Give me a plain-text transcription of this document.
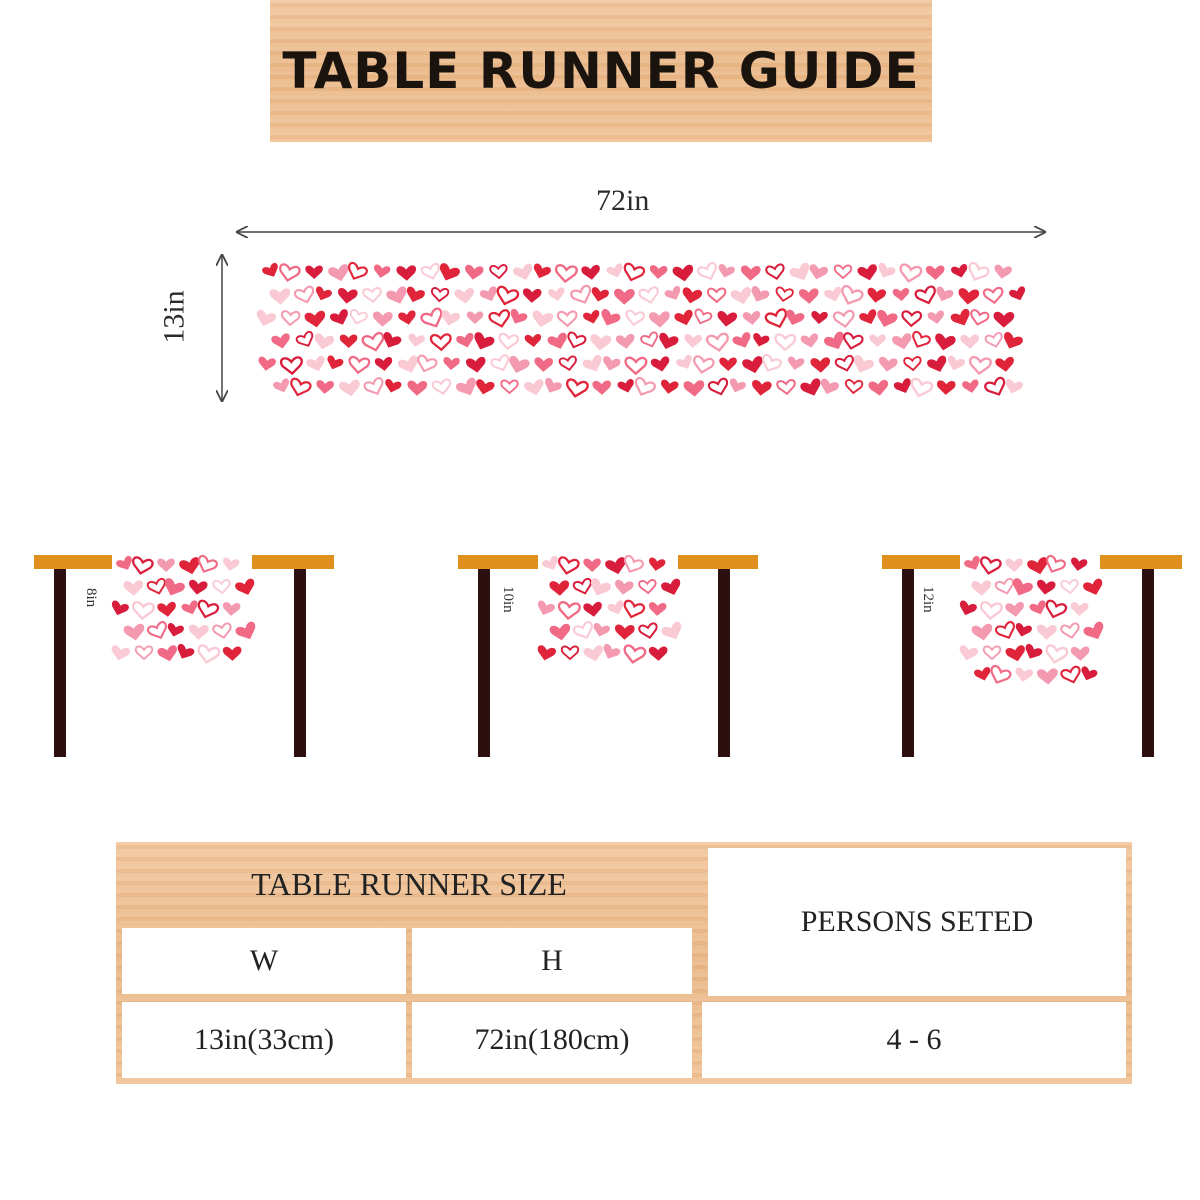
TABLE RUNNER GUIDE
72in
13in
8in	10in	12in
TABLE RUNNER SIZE
PERSONS SETED
W	H
13in(33cm)	72in(180cm)	4 - 6
